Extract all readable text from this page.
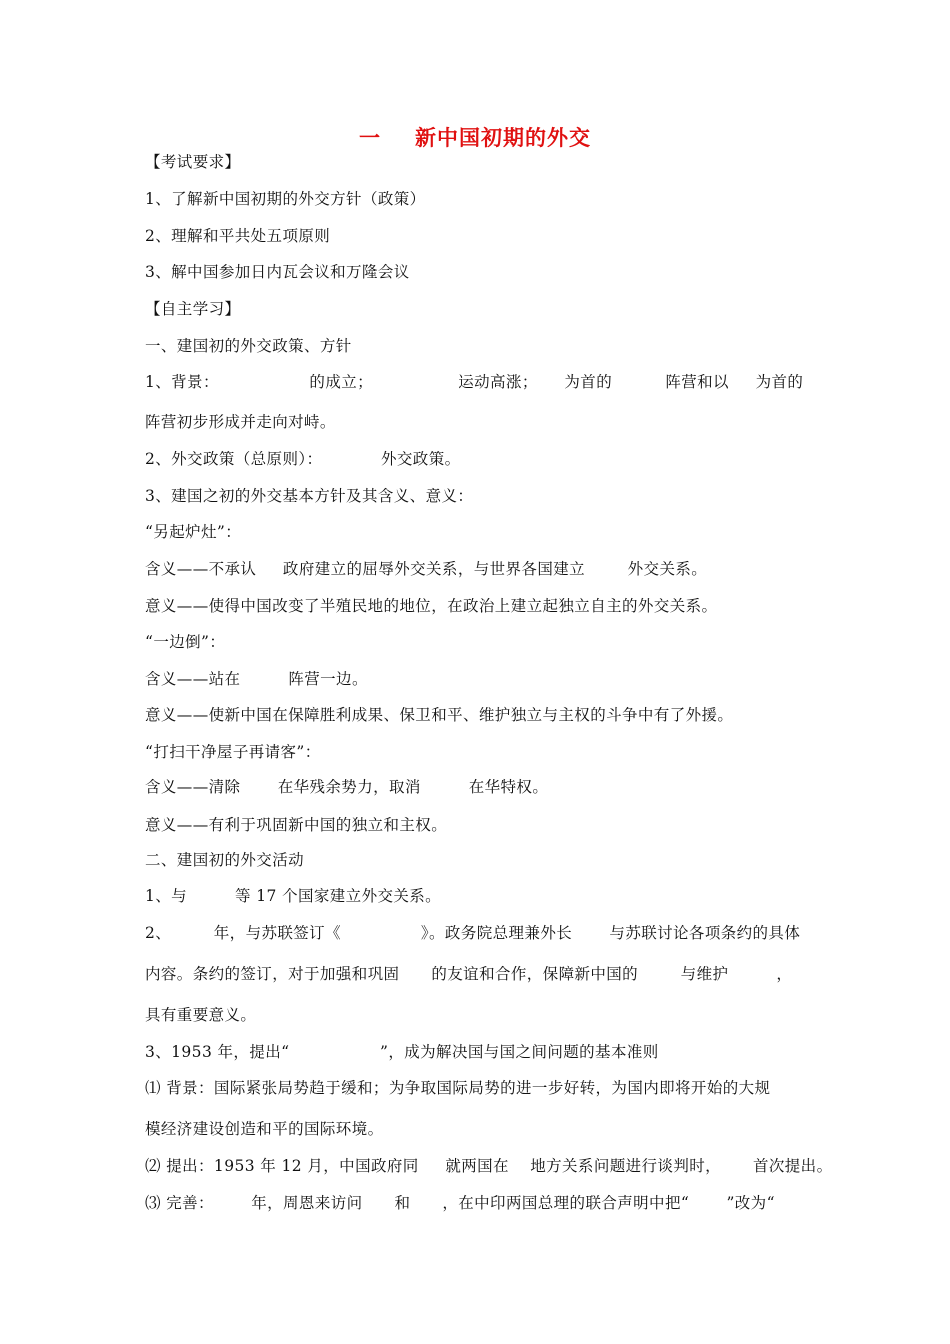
一 新中国初期的外交
【考试要求】
1、了解新中国初期的外交方针（政策）
2、理解和平共处五项原则
3、解中国参加日内瓦会议和万隆会议
【自主学习】
一、建国初的外交政策、方针
1、背景：                 的成立；                运动高涨；     为首的          阵营和以     为首的
阵营初步形成并走向对峙。
2、外交政策（总原则）：           外交政策。
3、建国之初的外交基本方针及其含义、意义：
“另起炉灶”：
含义——不承认     政府建立的屈辱外交关系，与世界各国建立        外交关系。
意义——使得中国改变了半殖民地的地位，在政治上建立起独立自主的外交关系。
“一边倒”：
含义——站在         阵营一边。
意义——使新中国在保障胜利成果、保卫和平、维护独立与主权的斗争中有了外援。
“打扫干净屋子再请客”：
含义——清除       在华残余势力，取消         在华特权。
意义——有利于巩固新中国的独立和主权。
二、建国初的外交活动
1、与         等 17 个国家建立外交关系。
2、        年，与苏联签订《               》。政务院总理兼外长       与苏联讨论各项条约的具体
内容。条约的签订，对于加强和巩固      的友谊和合作，保障新中国的        与维护         ，
具有重要意义。
3、1953 年，提出“                 ”，成为解决国与国之间问题的基本准则
⑴ 背景：国际紧张局势趋于缓和；为争取国际局势的进一步好转，为国内即将开始的大规
模经济建设创造和平的国际环境。
⑵ 提出：1953 年 12 月，中国政府同     就两国在    地方关系问题进行谈判时，      首次提出。
⑶ 完善：       年，周恩来访问      和      ，在中印两国总理的联合声明中把“       ”改为“
